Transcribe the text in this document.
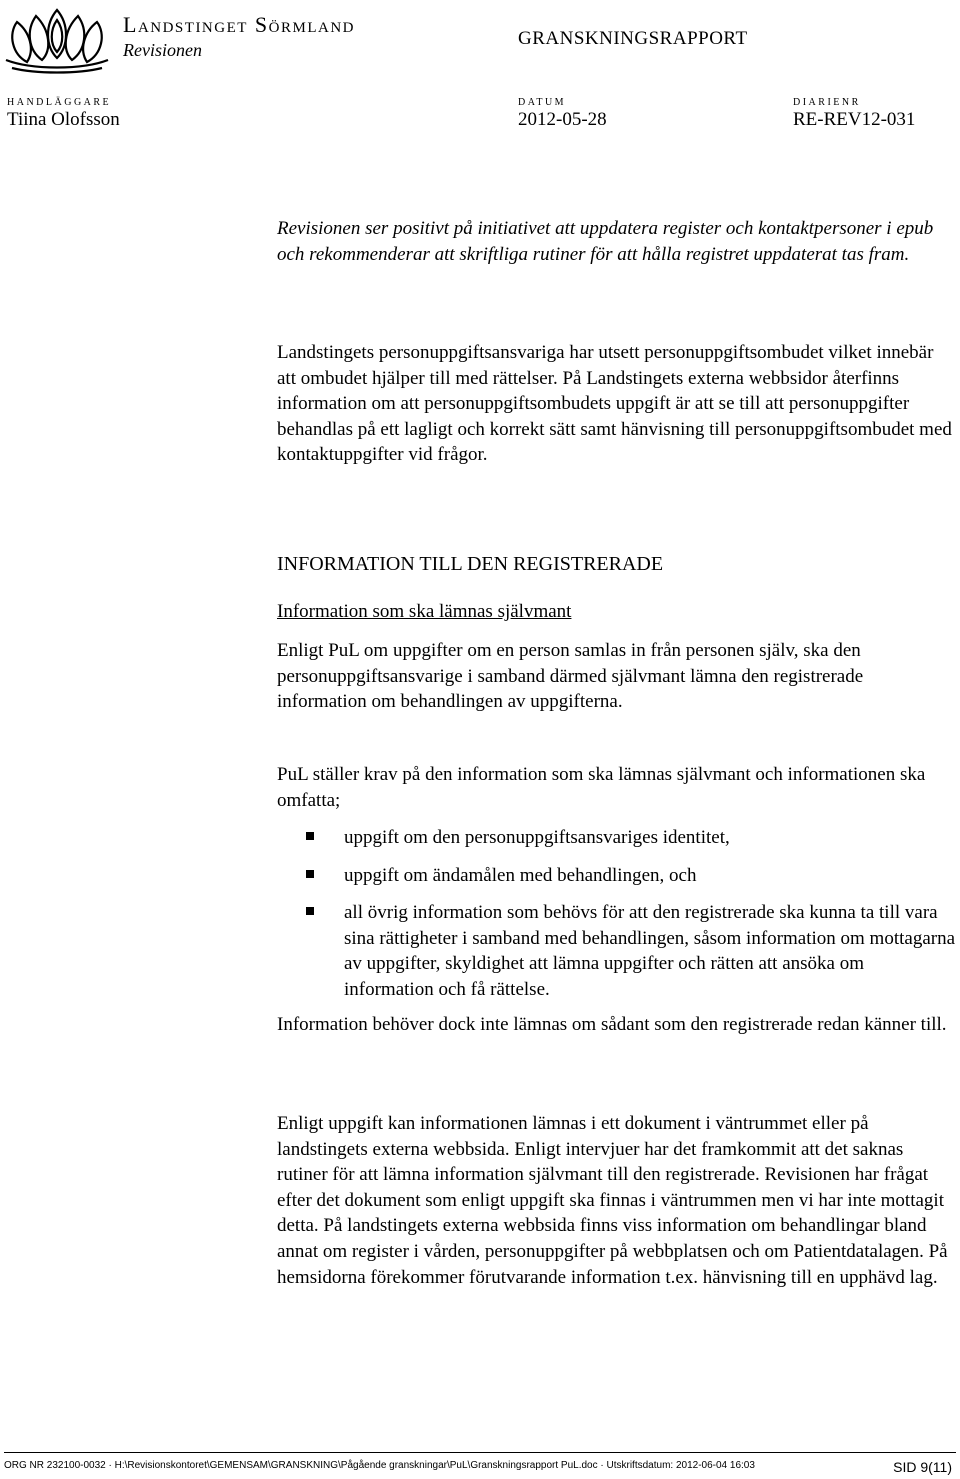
Landstinget Sörmland
Revisionen
GRANSKNINGSRAPPORT
HANDLÄGGARE
Tiina Olofsson
DATUM
2012-05-28
DIARIENR
RE-REV12-031
Revisionen ser positivt på initiativet att uppdatera register och kontaktpersoner i epub och rekommenderar att skriftliga rutiner för att hålla registret uppdaterat tas fram.
Landstingets personuppgiftsansvariga har utsett personuppgiftsombudet vilket innebär att ombudet hjälper till med rättelser. På Landstingets externa webbsidor återfinns information om att personuppgiftsombudets uppgift är att se till att personuppgifter behandlas på ett lagligt och korrekt sätt samt hänvisning till personuppgiftsombudet med kontaktuppgifter vid frågor.
INFORMATION TILL DEN REGISTRERADE
Information som ska lämnas självmant
Enligt PuL om uppgifter om en person samlas in från personen själv, ska den personuppgiftsansvarige i samband därmed självmant lämna den registrerade information om behandlingen av uppgifterna.
PuL ställer krav på den information som ska lämnas självmant och informationen ska omfatta;
uppgift om den personuppgiftsansvariges identitet,
uppgift om ändamålen med behandlingen, och
all övrig information som behövs för att den registrerade ska kunna ta till vara sina rättigheter i samband med behandlingen, såsom information om mottagarna av uppgifter, skyldighet att lämna uppgifter och rätten att ansöka om information och få rättelse.
Information behöver dock inte lämnas om sådant som den registrerade redan känner till.
Enligt uppgift kan informationen lämnas i ett dokument i väntrummet eller på landstingets externa webbsida. Enligt intervjuer har det framkommit att det saknas rutiner för att lämna information självmant till den registrerade. Revisionen har frågat efter det dokument som enligt uppgift ska finnas i väntrummen men vi har inte mottagit detta. På landstingets externa webbsida finns viss information om behandlingar bland annat om register i vården, personuppgifter på webbplatsen och om Patientdatalagen. På hemsidorna förekommer förutvarande information t.ex. hänvisning till en upphävd lag.
ORG NR 232100-0032 · H:\Revisionskontoret\GEMENSAM\GRANSKNING\Pågående granskningar\PuL\Granskningsrapport PuL.doc · Utskriftsdatum: 2012-06-04 16:03	SID 9(11)
